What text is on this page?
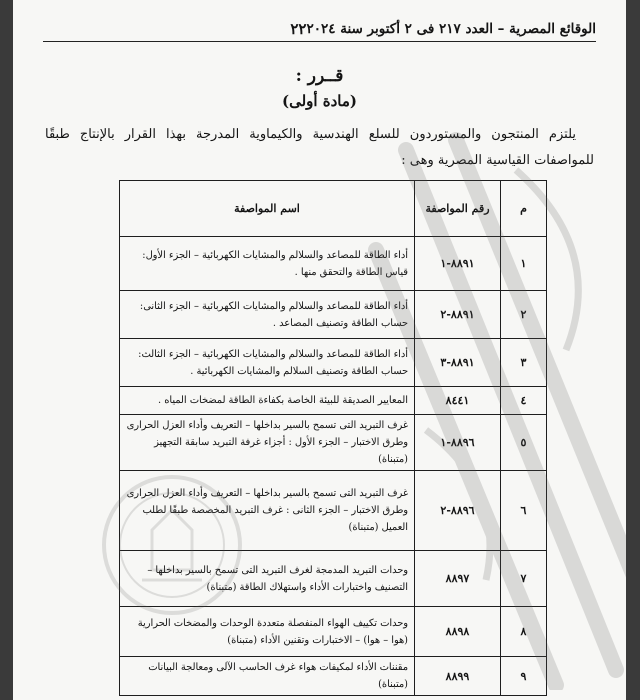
الوقائع المصرية – العدد ٢١٧ فى ٢ أكتوبر سنة ٢٠٢٤
٢٢
قــرر :
(مادة أولى)

يلتزم المنتجون والمستوردون للسلع الهندسية والكيماوية المدرجة بهذا القرار بالإنتاج طبقًا للمواصفات القياسية المصرية وهى :

م	رقم المواصفة	اسم المواصفة
١	٨٨٩١-١	أداء الطاقة للمصاعد والسلالم والمشايات الكهربائية – الجزء الأول: قياس الطاقة والتحقق منها .
٢	٨٨٩١-٢	أداء الطاقة للمصاعد والسلالم والمشايات الكهربائية – الجزء الثانى: حساب الطاقة وتصنيف المصاعد .
٣	٨٨٩١-٣	أداء الطاقة للمصاعد والسلالم والمشايات الكهربائية – الجزء الثالث: حساب الطاقة وتصنيف السلالم والمشايات الكهربائية .
٤	٨٤٤١	المعايير الصديقة للبيئة الخاصة بكفاءة الطاقة لمضخات المياه .
٥	٨٨٩٦-١	غرف التبريد التى تسمح بالسير بداخلها – التعريف وأداء العزل الحرارى وطرق الاختبار – الجزء الأول : أجزاء غرفة التبريد سابقة التجهيز (متبناة)
٦	٨٨٩٦-٢	غرف التبريد التى تسمح بالسير بداخلها – التعريف وأداء العزل الحرارى وطرق الاختبار – الجزء الثانى : غرف التبريد المخصصة طبقًا لطلب العميل (متبناة)
٧	٨٨٩٧	وحدات التبريد المدمجة لغرف التبريد التى تسمح بالسير بداخلها – التصنيف واختبارات الأداء واستهلاك الطاقة (متبناة)
٨	٨٨٩٨	وحدات تكييف الهواء المنفصلة متعددة الوحدات والمضخات الحرارية (هوا – هوا) – الاختبارات وتقنين الأداء (متبناة)
٩	٨٨٩٩	مقننات الأداء لمكيفات هواء غرف الحاسب الآلى ومعالجة البيانات (متبناة)
